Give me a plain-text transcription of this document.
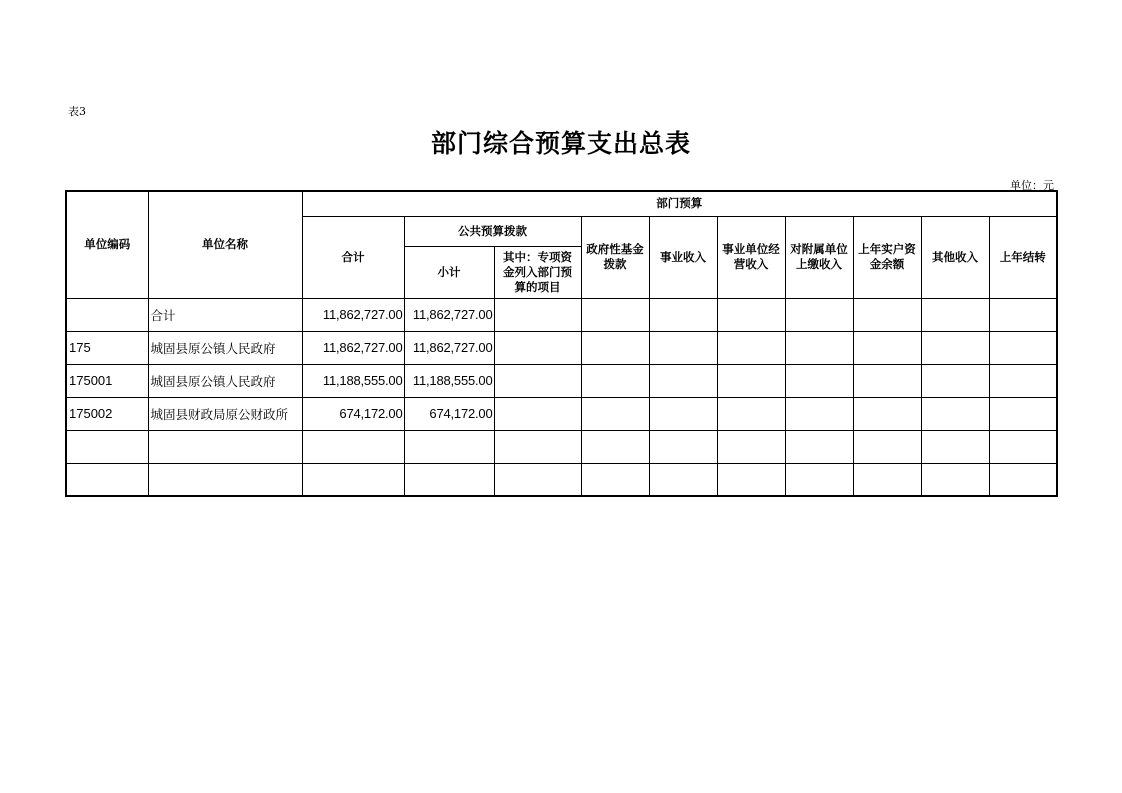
表3
部门综合预算支出总表
单位：元
单位编码	单位名称	部门预算									
		合计	公共预算拨款		政府性基金拨款	事业收入	事业单位经营收入	对附属单位上缴收入	上年实户资金余额	其他收入	上年结转
			小计	其中：专项资金列入部门预算的项目							
	合计	11,862,727.00	11,862,727.00								
175	城固县原公镇人民政府	11,862,727.00	11,862,727.00								
175001	城固县原公镇人民政府	11,188,555.00	11,188,555.00								
175002	城固县财政局原公财政所	674,172.00	674,172.00								
